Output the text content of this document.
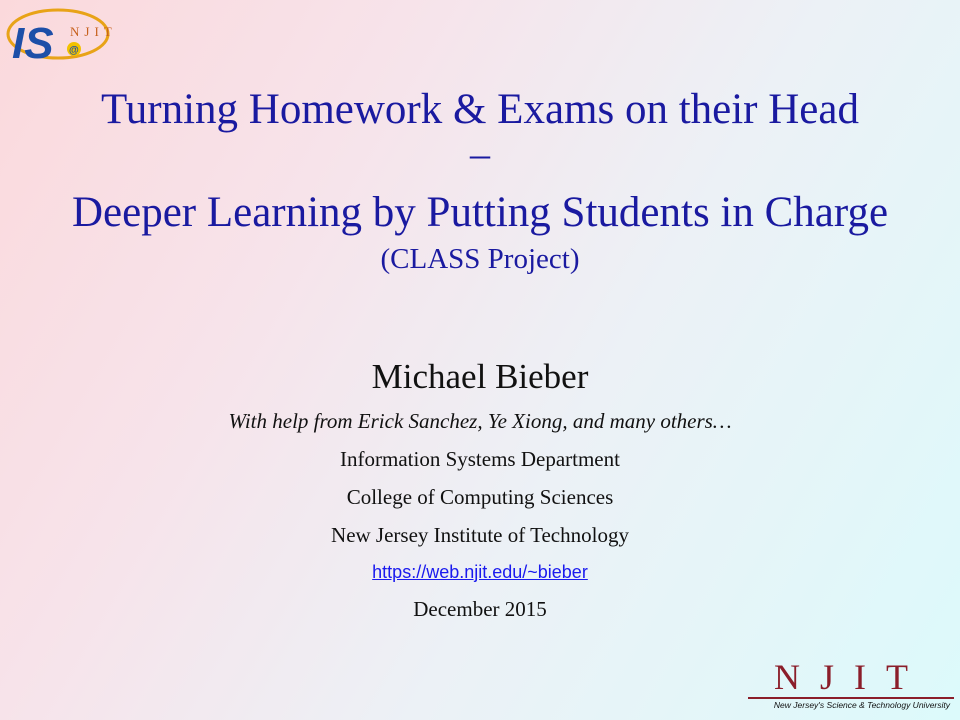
IS NJIT
@
Turning Homework & Exams on their Head
–
Deeper Learning by Putting Students in Charge
(CLASS Project)
Michael Bieber
With help from Erick Sanchez, Ye Xiong, and many others…
Information Systems Department
College of Computing Sciences
New Jersey Institute of Technology
https://web.njit.edu/~bieber
December 2015
NJIT
New Jersey's Science & Technology University
